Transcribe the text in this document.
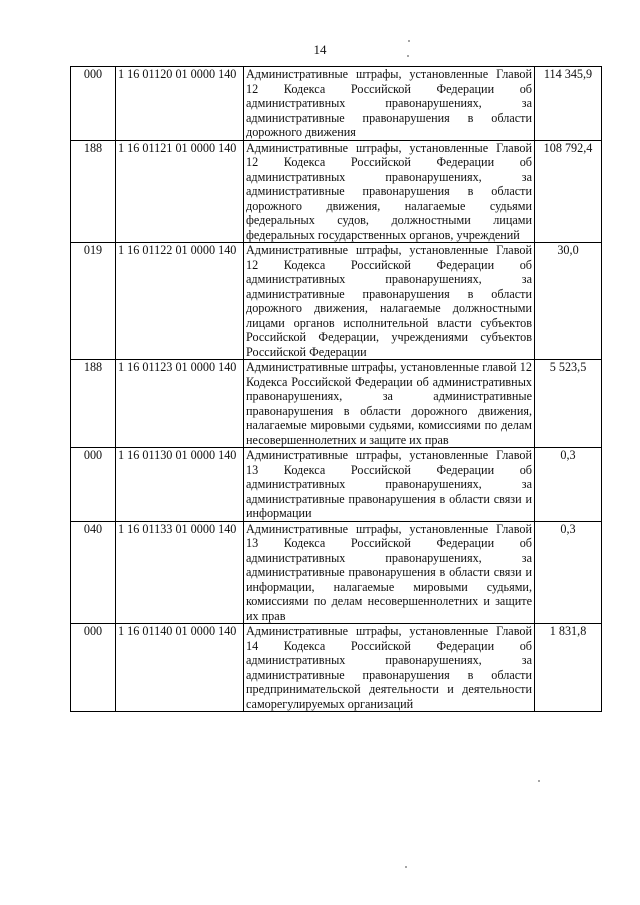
14
000	1 16 01120 01 0000 140	Административные штрафы, установленные Главой 12 Кодекса Российской Федерации об административных правонарушениях, за административные правонарушения в области дорожного движения	114 345,9
188	1 16 01121 01 0000 140	Административные штрафы, установленные Главой 12 Кодекса Российской Федерации об административных правонарушениях, за административные правонарушения в области дорожного движения, налагаемые судьями федеральных судов, должностными лицами федеральных государственных органов, учреждений	108 792,4
019	1 16 01122 01 0000 140	Административные штрафы, установленные Главой 12 Кодекса Российской Федерации об административных правонарушениях, за административные правонарушения в области дорожного движения, налагаемые должностными лицами органов исполнительной власти субъектов Российской Федерации, учреждениями субъектов Российской Федерации	30,0
188	1 16 01123 01 0000 140	Административные штрафы, установленные главой 12 Кодекса Российской Федерации об административных правонарушениях, за административные правонарушения в области дорожного движения, налагаемые мировыми судьями, комиссиями по делам несовершеннолетних и защите их прав	5 523,5
000	1 16 01130 01 0000 140	Административные штрафы, установленные Главой 13 Кодекса Российской Федерации об административных правонарушениях, за административные правонарушения в области связи и информации	0,3
040	1 16 01133 01 0000 140	Административные штрафы, установленные Главой 13 Кодекса Российской Федерации об административных правонарушениях, за административные правонарушения в области связи и информации, налагаемые мировыми судьями, комиссиями по делам несовершеннолетних и защите их прав	0,3
000	1 16 01140 01 0000 140	Административные штрафы, установленные Главой 14 Кодекса Российской Федерации об административных правонарушениях, за административные правонарушения в области предпринимательской деятельности и деятельности саморегулируемых организаций	1 831,8
